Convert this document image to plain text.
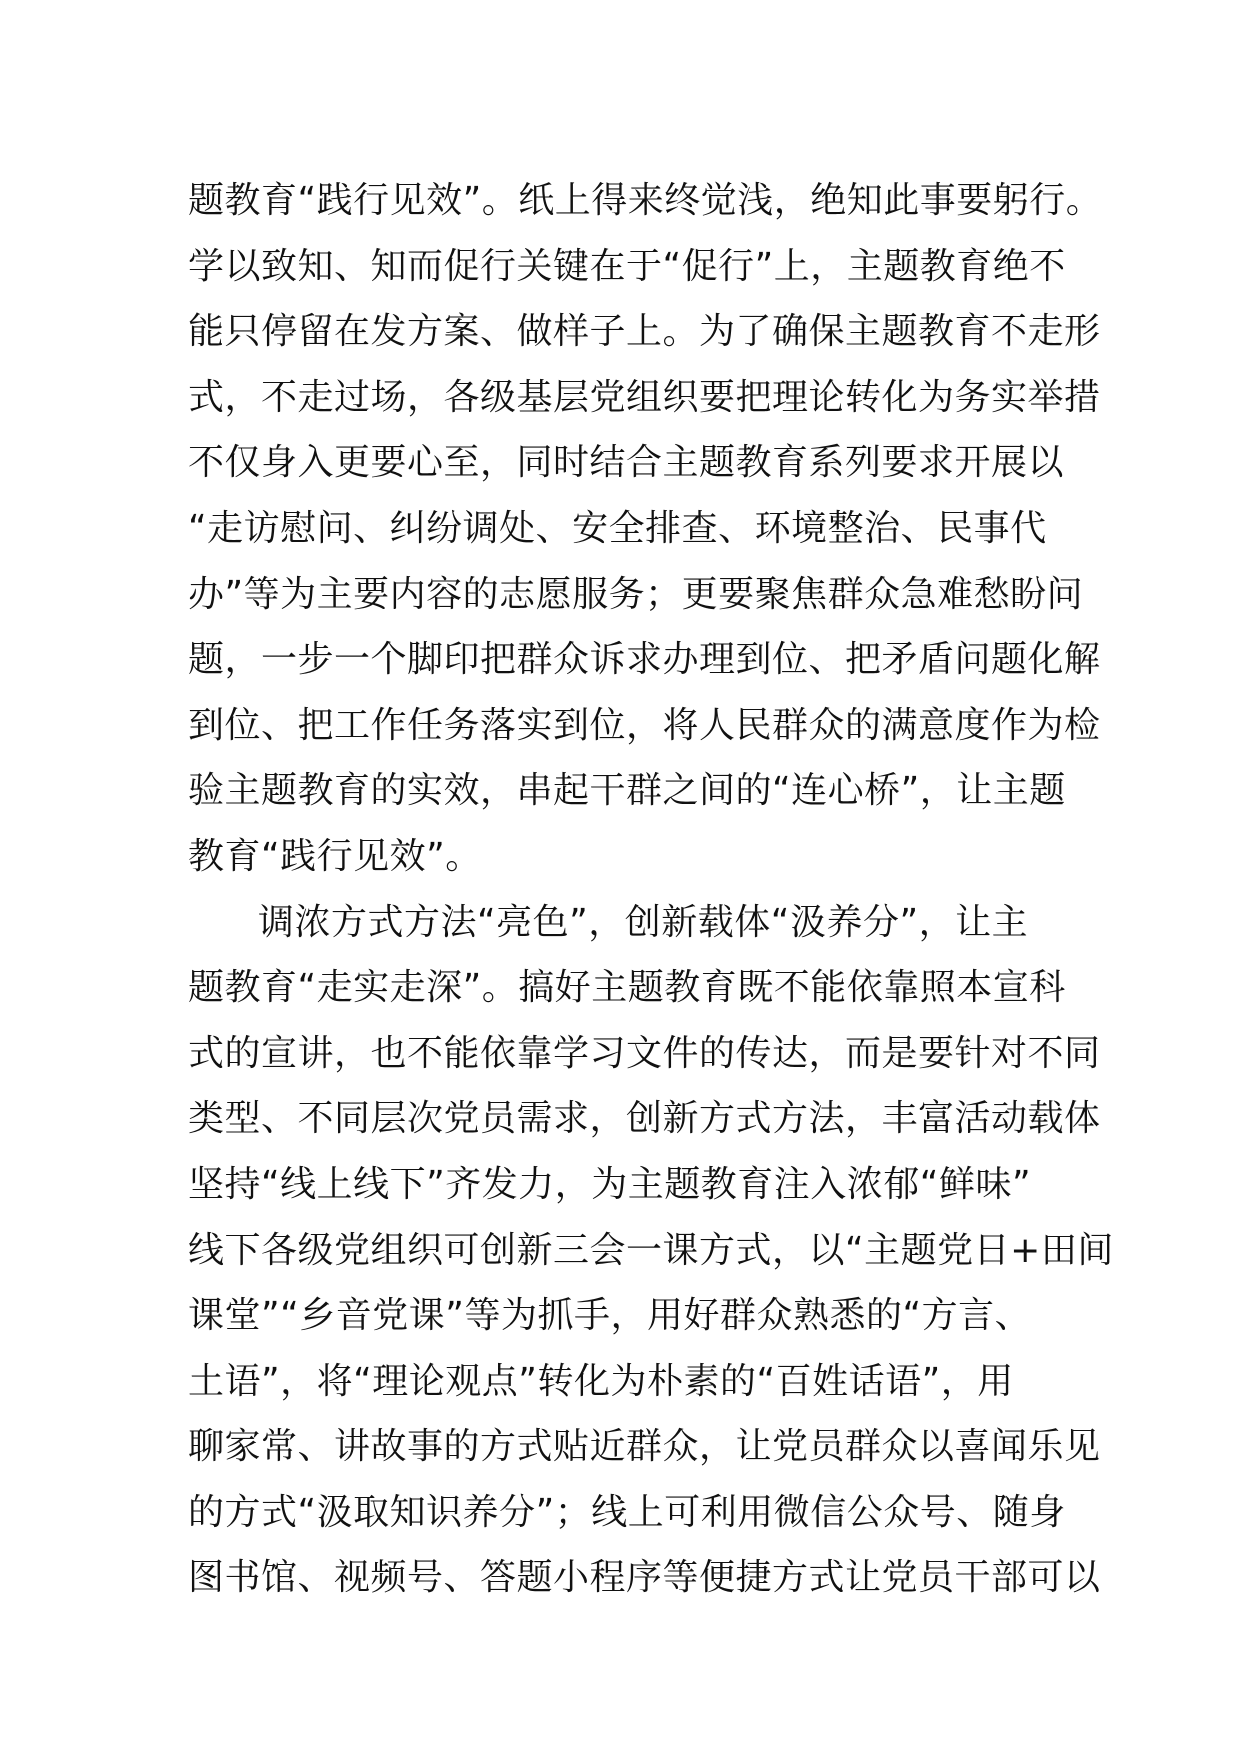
题教育“践行见效”。纸上得来终觉浅，绝知此事要躬行。
学以致知、知而促行关键在于“促行”上，主题教育绝不
能只停留在发方案、做样子上。为了确保主题教育不走形
式，不走过场，各级基层党组织要把理论转化为务实举措
不仅身入更要心至，同时结合主题教育系列要求开展以
“走访慰问、纠纷调处、安全排查、环境整治、民事代
办”等为主要内容的志愿服务；更要聚焦群众急难愁盼问
题，一步一个脚印把群众诉求办理到位、把矛盾问题化解
到位、把工作任务落实到位，将人民群众的满意度作为检
验主题教育的实效，串起干群之间的“连心桥”，让主题
教育“践行见效”。
调浓方式方法“亮色”，创新载体“汲养分”，让主
题教育“走实走深”。搞好主题教育既不能依靠照本宣科
式的宣讲，也不能依靠学习文件的传达，而是要针对不同
类型、不同层次党员需求，创新方式方法，丰富活动载体
坚持“线上线下”齐发力，为主题教育注入浓郁“鲜味”
线下各级党组织可创新三会一课方式，以“主题党日+田间
课堂”“乡音党课”等为抓手，用好群众熟悉的“方言、
土语”，将“理论观点”转化为朴素的“百姓话语”，用
聊家常、讲故事的方式贴近群众，让党员群众以喜闻乐见
的方式“汲取知识养分”；线上可利用微信公众号、随身
图书馆、视频号、答题小程序等便捷方式让党员干部可以
